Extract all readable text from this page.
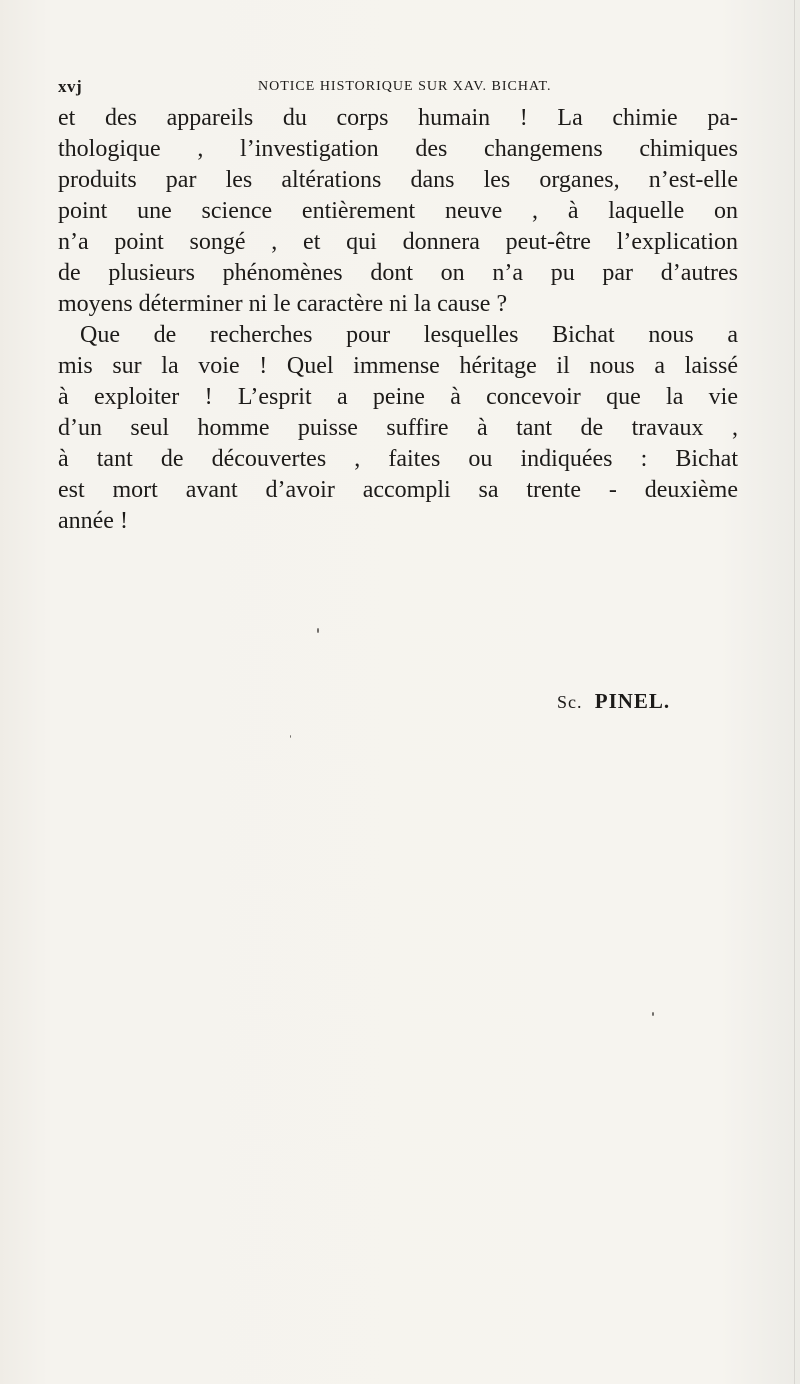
xvj	NOTICE HISTORIQUE SUR XAV. BICHAT.
et des appareils du corps humain ! La chimie pa-
thologique , l’investigation des changemens chimiques
produits par les altérations dans les organes, n’est-elle
point une science entièrement neuve , à laquelle on
n’a point songé , et qui donnera peut-être l’explication
de plusieurs phénomènes dont on n’a pu par d’autres
moyens déterminer ni le caractère ni la cause ?
Que de recherches pour lesquelles Bichat nous a
mis sur la voie ! Quel immense héritage il nous a laissé
à exploiter ! L’esprit a peine à concevoir que la vie
d’un seul homme puisse suffire à tant de travaux ,
à tant de découvertes , faites ou indiquées : Bichat
est mort avant d’avoir accompli sa trente - deuxième
année !
Sc. PINEL.
